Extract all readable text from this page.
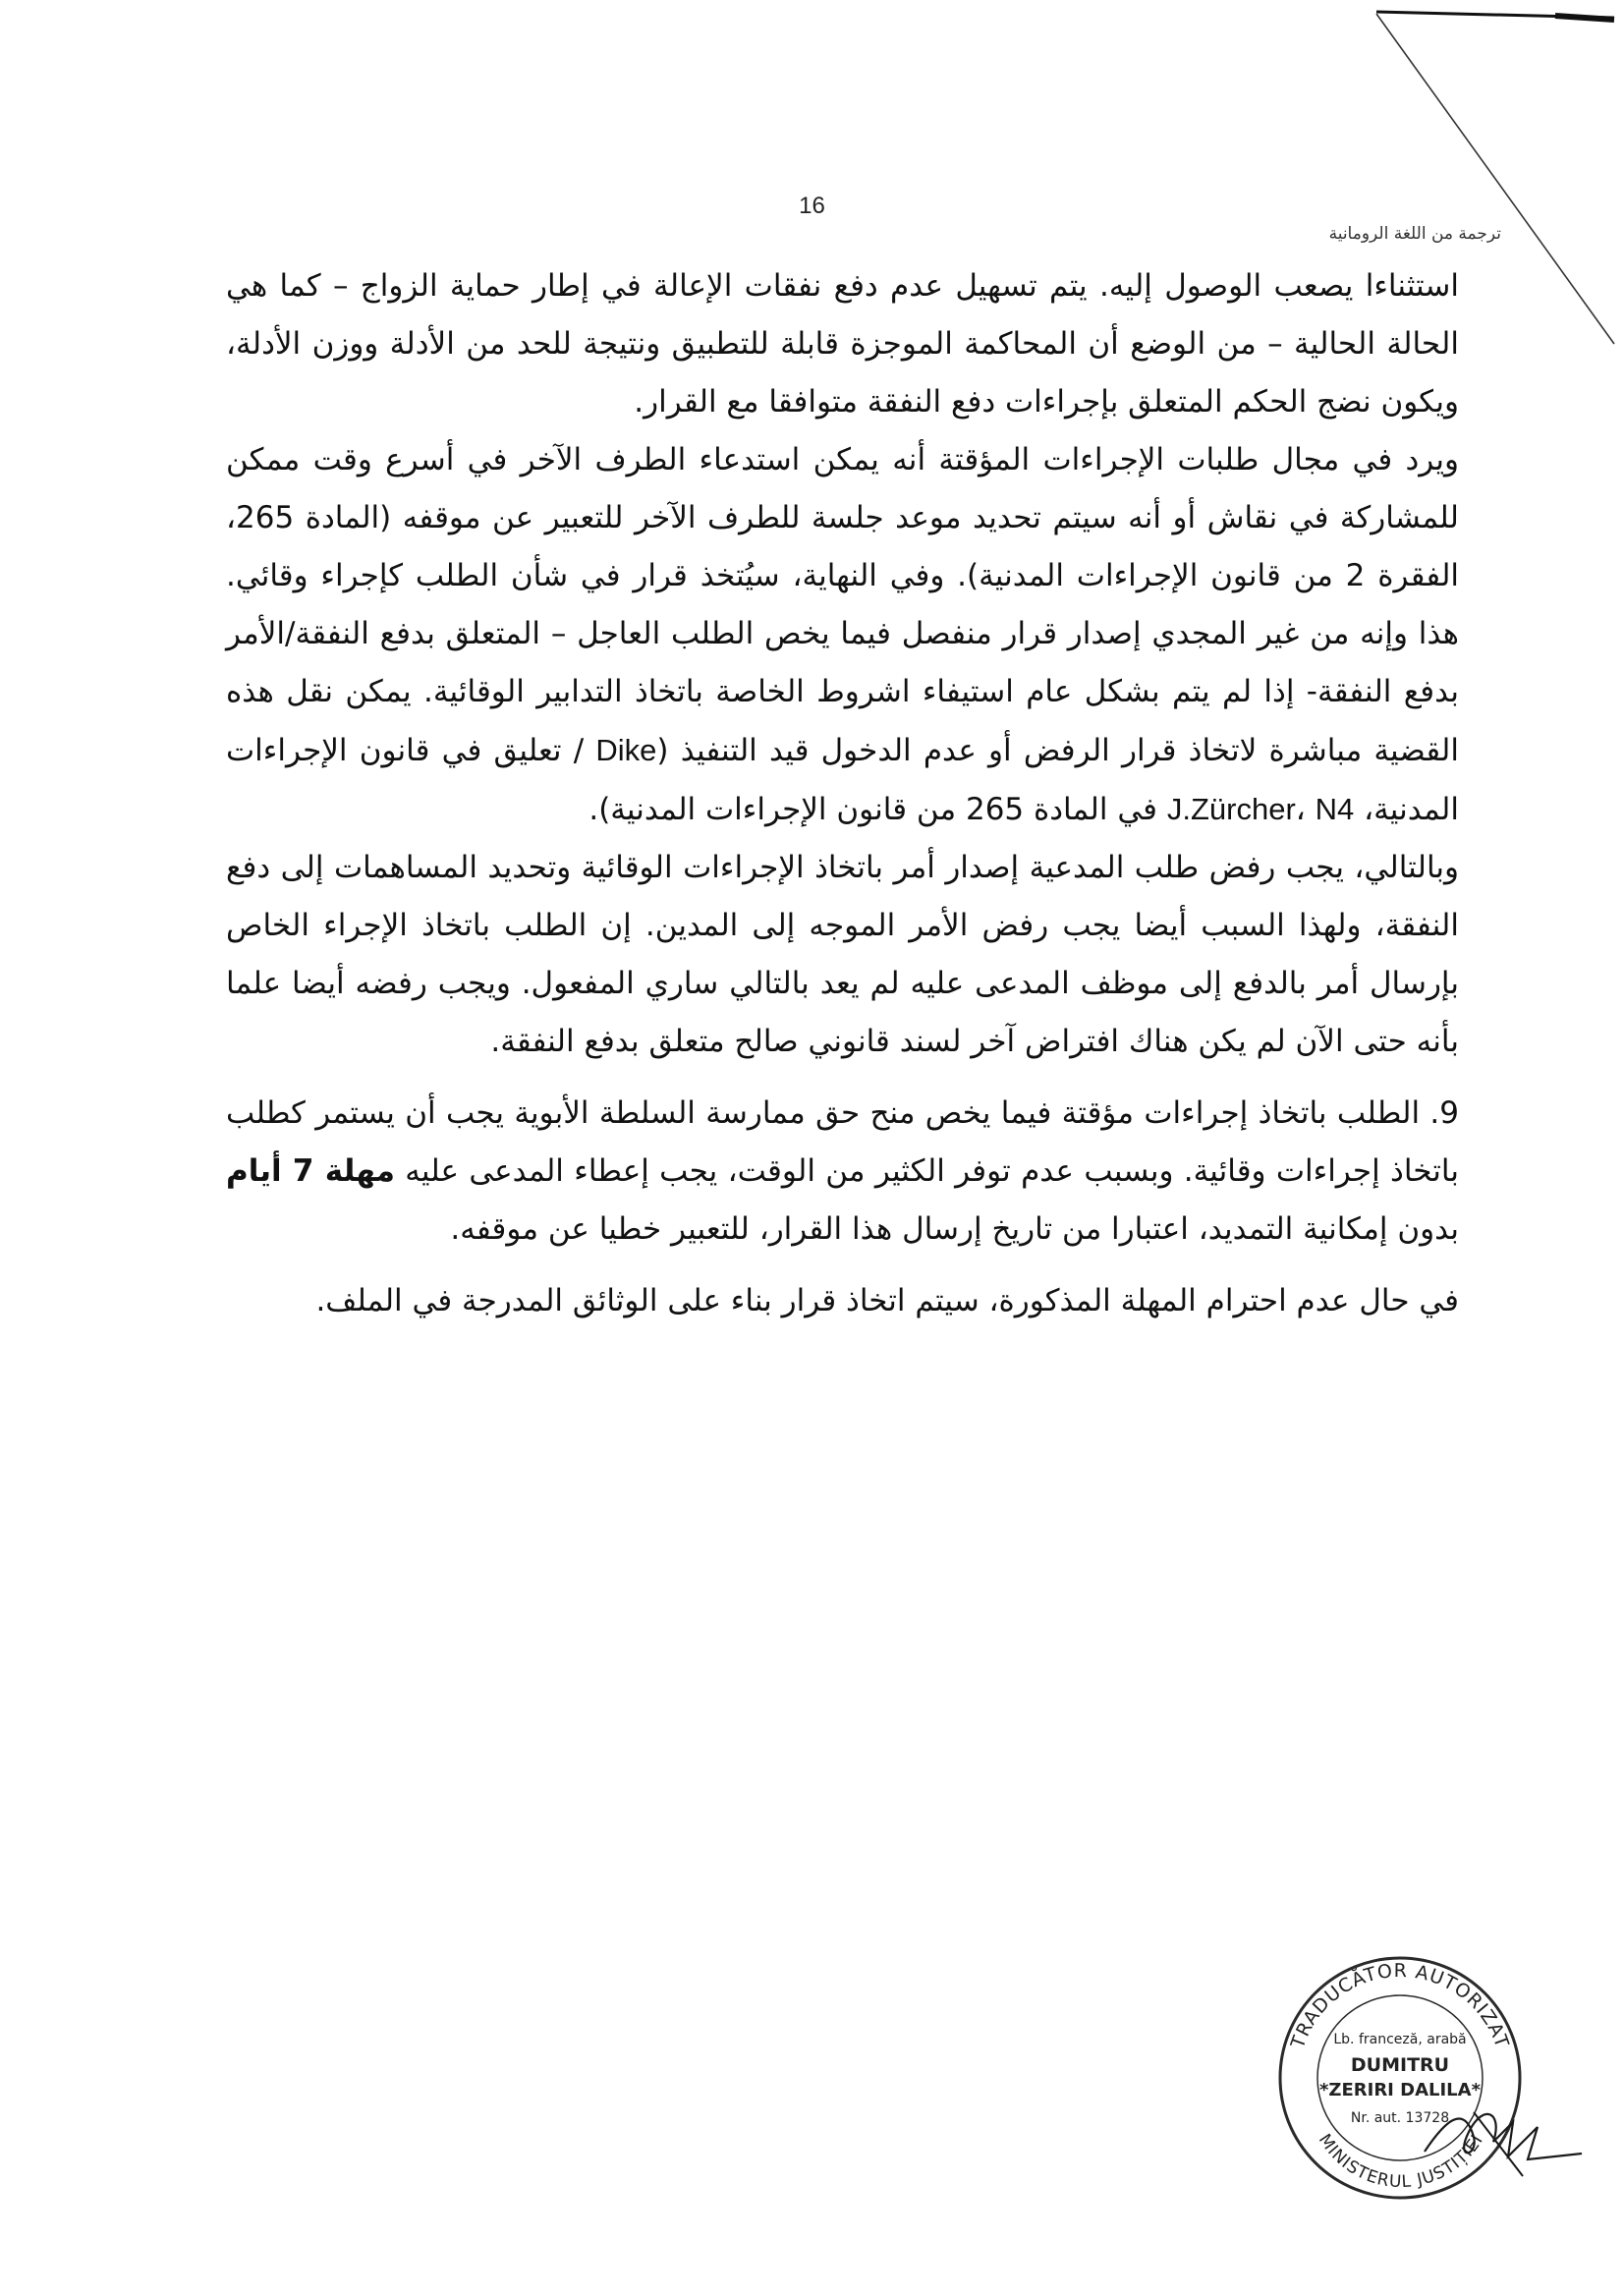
16
ترجمة من اللغة الرومانية

استثناءا يصعب الوصول إليه. يتم تسهيل عدم دفع نفقات الإعالة في إطار حماية الزواج – كما هي الحالة الحالية – من الوضع أن المحاكمة الموجزة قابلة للتطبيق ونتيجة للحد من الأدلة ووزن الأدلة، ويكون نضج الحكم المتعلق بإجراءات دفع النفقة متوافقا مع القرار.

ويرد في مجال طلبات الإجراءات المؤقتة أنه يمكن استدعاء الطرف الآخر في أسرع وقت ممكن للمشاركة في نقاش أو أنه سيتم تحديد موعد جلسة للطرف الآخر للتعبير عن موقفه (المادة 265، الفقرة 2 من قانون الإجراءات المدنية). وفي النهاية، سيُتخذ قرار في شأن الطلب كإجراء وقائي. هذا وإنه من غير المجدي إصدار قرار منفصل فيما يخص الطلب العاجل – المتعلق بدفع النفقة/الأمر بدفع النفقة- إذا لم يتم بشكل عام استيفاء اشروط الخاصة باتخاذ التدابير الوقائية. يمكن نقل هذه القضية مباشرة لاتخاذ قرار الرفض أو عدم الدخول قيد التنفيذ (Dike / تعليق في قانون الإجراءات المدنية، J.Zürcher، N4 في المادة 265 من قانون الإجراءات المدنية).

وبالتالي، يجب رفض طلب المدعية إصدار أمر باتخاذ الإجراءات الوقائية وتحديد المساهمات إلى دفع النفقة، ولهذا السبب أيضا يجب رفض الأمر الموجه إلى المدين. إن الطلب باتخاذ الإجراء الخاص بإرسال أمر بالدفع إلى موظف المدعى عليه لم يعد بالتالي ساري المفعول. ويجب رفضه أيضا علما بأنه حتى الآن لم يكن هناك افتراض آخر لسند قانوني صالح متعلق بدفع النفقة.

9. الطلب باتخاذ إجراءات مؤقتة فيما يخص منح حق ممارسة السلطة الأبوية يجب أن يستمر كطلب باتخاذ إجراءات وقائية. وبسبب عدم توفر الكثير من الوقت، يجب إعطاء المدعى عليه مهلة 7 أيام بدون إمكانية التمديد، اعتبارا من تاريخ إرسال هذا القرار، للتعبير خطيا عن موقفه.

في حال عدم احترام المهلة المذكورة، سيتم اتخاذ قرار بناء على الوثائق المدرجة في الملف.

TRADUCĂTOR AUTORIZAT
MINISTERUL JUSTIȚIEI
Lb. franceză, arabă
DUMITRU
*ZERIRI DALILA*
Nr. aut. 13728
